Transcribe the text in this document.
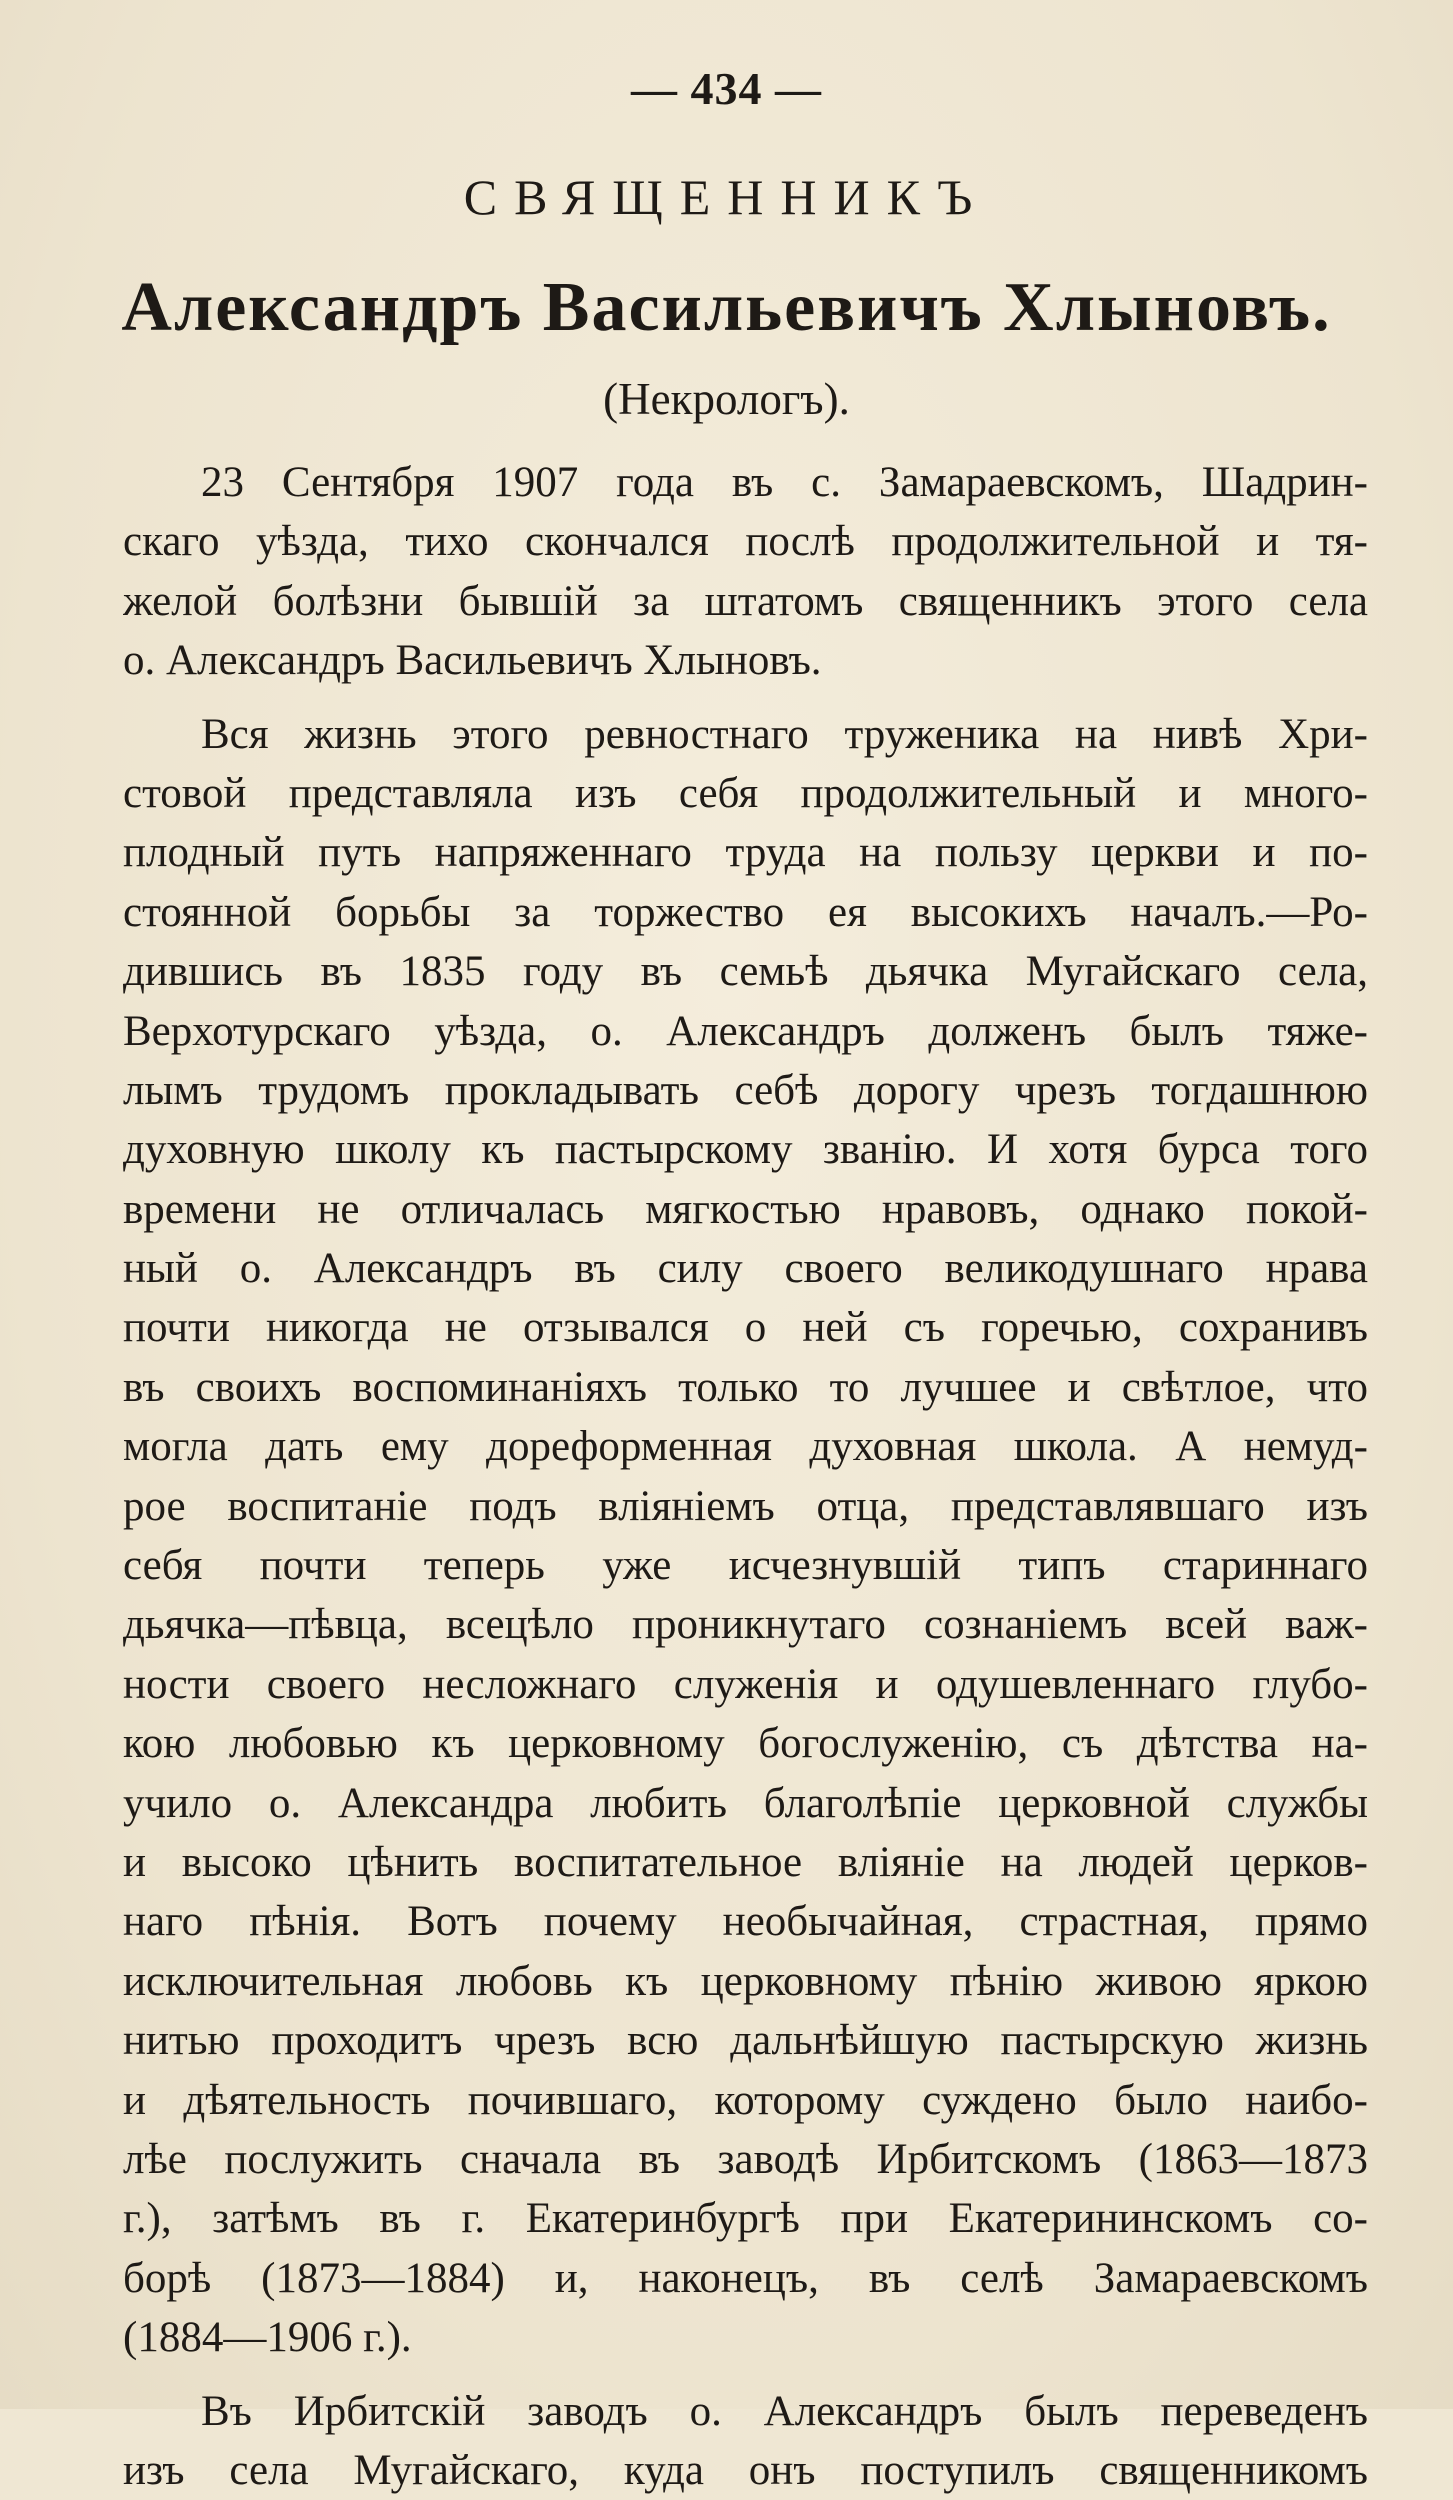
— 434 —
СВЯЩЕННИКЪ
Александръ Васильевичъ Хлыновъ.
(Некрологъ).
23 Сентября 1907 года въ с. Замараевскомъ, Шадрин-
скаго уѣзда, тихо скончался послѣ продолжительной и тя-
желой болѣзни бывшій за штатомъ священникъ этого села
о. Александръ Васильевичъ Хлыновъ.
Вся жизнь этого ревностнаго труженика на нивѣ Хри-
стовой представляла изъ себя продолжительный и много-
плодный путь напряженнаго труда на пользу церкви и по-
стоянной борьбы за торжество ея высокихъ началъ.—Ро-
дившись въ 1835 году въ семьѣ дьячка Мугайскаго села,
Верхотурскаго уѣзда, о. Александръ долженъ былъ тяже-
лымъ трудомъ прокладывать себѣ дорогу чрезъ тогдашнюю
духовную школу къ пастырскому званію. И хотя бурса того
времени не отличалась мягкостью нравовъ, однако покой-
ный о. Александръ въ силу своего великодушнаго нрава
почти никогда не отзывался о ней съ горечью, сохранивъ
въ своихъ воспоминаніяхъ только то лучшее и свѣтлое, что
могла дать ему дореформенная духовная школа. А немуд-
рое воспитаніе подъ вліяніемъ отца, представлявшаго изъ
себя почти теперь уже исчезнувшій типъ стариннаго
дьячка—пѣвца, всецѣло проникнутаго сознаніемъ всей важ-
ности своего несложнаго служенія и одушевленнаго глубо-
кою любовью къ церковному богослуженію, съ дѣтства на-
учило о. Александра любить благолѣпіе церковной службы
и высоко цѣнить воспитательное вліяніе на людей церков-
наго пѣнія. Вотъ почему необычайная, страстная, прямо
исключительная любовь къ церковному пѣнію живою яркою
нитью проходитъ чрезъ всю дальнѣйшую пастырскую жизнь
и дѣятельность почившаго, которому суждено было наибо-
лѣе послужить сначала въ заводѣ Ирбитскомъ (1863—1873
г.), затѣмъ въ г. Екатеринбургѣ при Екатерининскомъ со-
борѣ (1873—1884) и, наконецъ, въ селѣ Замараевскомъ
(1884—1906 г.).
Въ Ирбитскій заводъ о. Александръ былъ переведенъ
изъ села Мугайскаго, куда онъ поступилъ священникомъ
